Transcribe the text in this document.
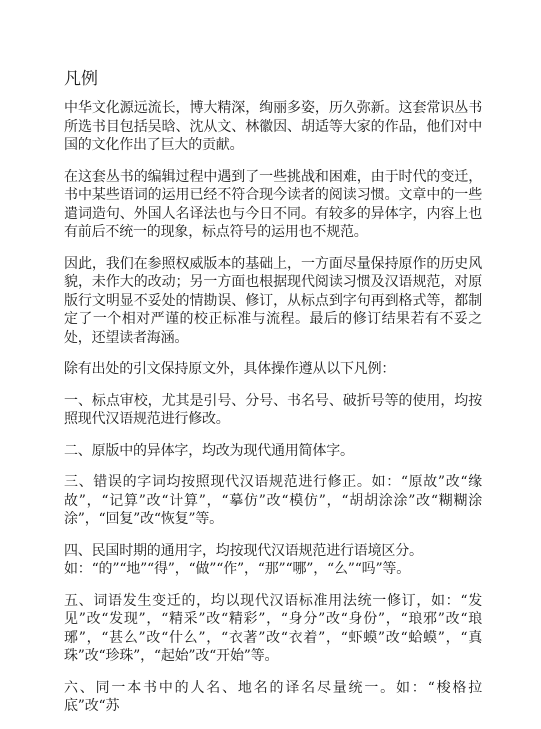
凡例

中华文化源远流长，博大精深，绚丽多姿，历久弥新。这套常识丛书所选书目包括吴晗、沈从文、林徽因、胡适等大家的作品，他们对中国的文化作出了巨大的贡献。

在这套丛书的编辑过程中遇到了一些挑战和困难，由于时代的变迁，书中某些语词的运用已经不符合现今读者的阅读习惯。文章中的一些遣词造句、外国人名译法也与今日不同。有较多的异体字，内容上也有前后不统一的现象，标点符号的运用也不规范。

因此，我们在参照权威版本的基础上，一方面尽量保持原作的历史风貌，未作大的改动；另一方面也根据现代阅读习惯及汉语规范，对原版行文明显不妥处的情勘误、修订，从标点到字句再到格式等，都制定了一个相对严谨的校正标准与流程。最后的修订结果若有不妥之处，还望读者海涵。

除有出处的引文保持原文外，具体操作遵从以下凡例：

一、标点审校，尤其是引号、分号、书名号、破折号等的使用，均按照现代汉语规范进行修改。

二、原版中的异体字，均改为现代通用简体字。

三、错误的字词均按照现代汉语规范进行修正。如：“原故”改“缘故”，“记算”改“计算”，“摹仿”改“模仿”，“胡胡涂涂”改“糊糊涂涂”，“回复”改“恢复”等。

四、民国时期的通用字，均按现代汉语规范进行语境区分。
如：“的”“地”“得”，“做”“作”，“那”“哪”，“么”“吗”等。

五、词语发生变迁的，均以现代汉语标准用法统一修订，如：“发见”改“发现”，“精采”改“精彩”，“身分”改“身份”，“琅邪”改“琅琊”，“甚么”改“什么”，“衣著”改“衣着”，“虾蟆”改“蛤蟆”，“真珠”改“珍珠”，“起始”改“开始”等。

六、同一本书中的人名、地名的译名尽量统一。如：“梭格拉底”改“苏
